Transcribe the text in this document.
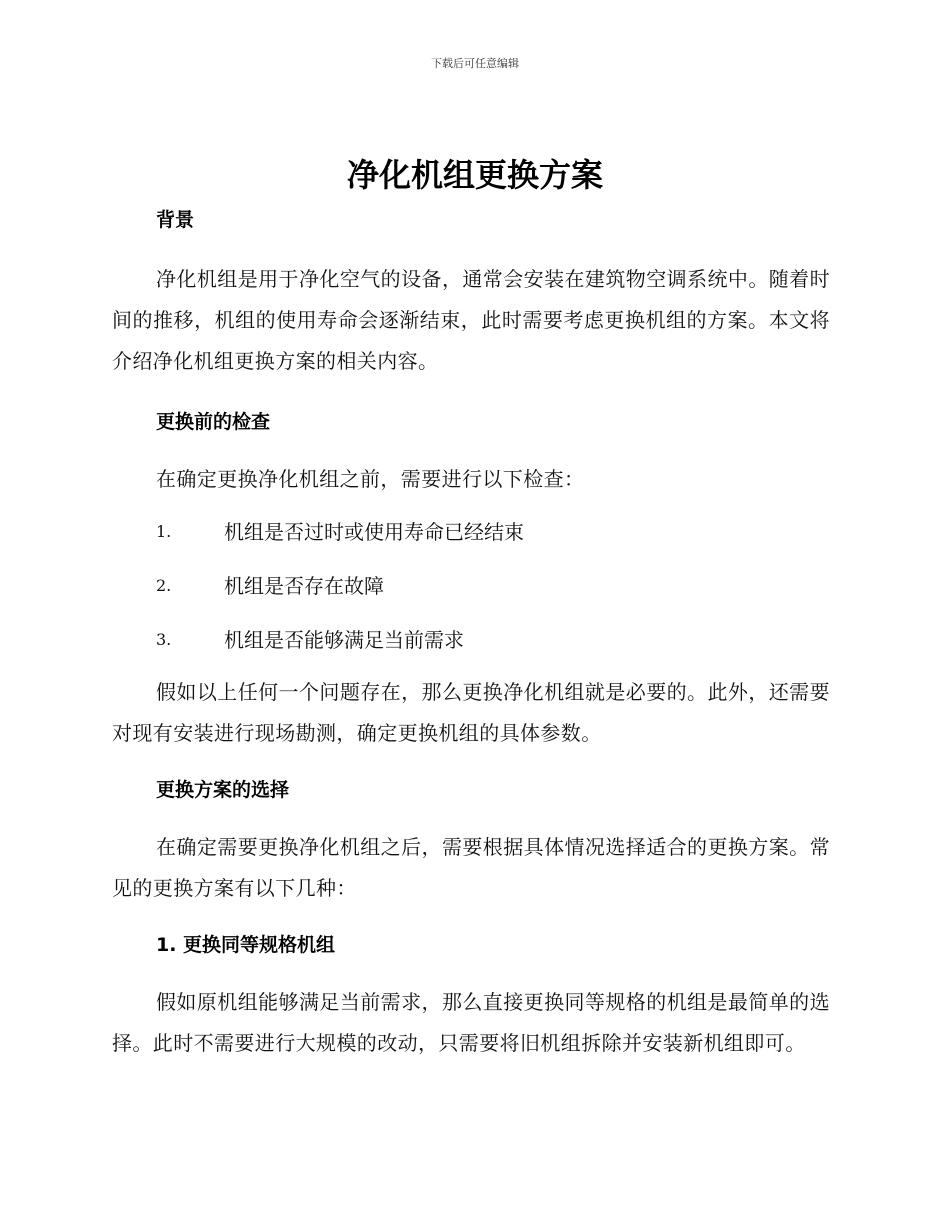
下载后可任意编辑
净化机组更换方案
背景

净化机组是用于净化空气的设备，通常会安装在建筑物空调系统中。随着时间的推移，机组的使用寿命会逐渐结束，此时需要考虑更换机组的方案。本文将介绍净化机组更换方案的相关内容。

更换前的检查

在确定更换净化机组之前，需要进行以下检查：

1.	机组是否过时或使用寿命已经结束
2.	机组是否存在故障
3.	机组是否能够满足当前需求

假如以上任何一个问题存在，那么更换净化机组就是必要的。此外，还需要对现有安装进行现场勘测，确定更换机组的具体参数。

更换方案的选择

在确定需要更换净化机组之后，需要根据具体情况选择适合的更换方案。常见的更换方案有以下几种：

1. 更换同等规格机组

假如原机组能够满足当前需求，那么直接更换同等规格的机组是最简单的选择。此时不需要进行大规模的改动，只需要将旧机组拆除并安装新机组即可。
